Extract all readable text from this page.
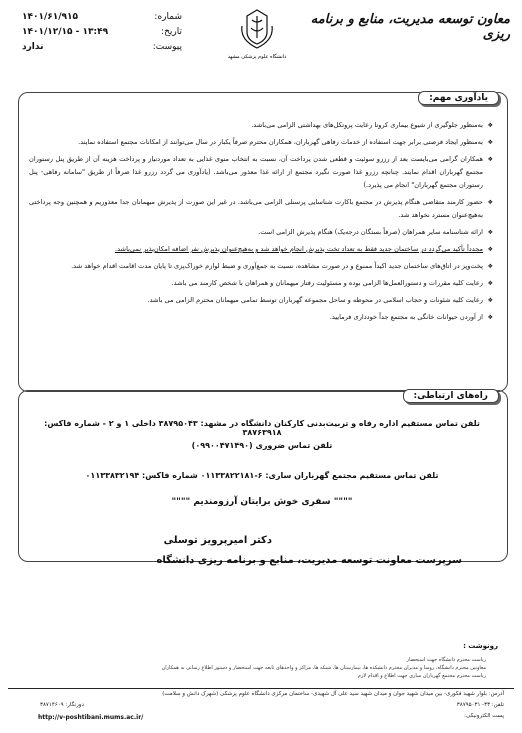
معاون توسعه مدیریت، منابع و برنامه ریزی
دانشگاه علوم پزشکی مشهد
شماره:
۱۴۰۱/۶۱/۹۱۵
تاریخ:
۱۴۰۱/۱۲/۱۵ - ۱۳:۴۹
پیوست:
ندارد
یادآوری مهم:
❖ به‌منظور جلوگیری از شیوع بیماری کرونا رعایت پروتکل‌های بهداشتی الزامی می‌باشد.
❖ به‌منظور ایجاد فرصتی برابر جهت استفاده از خدمات رفاهی گهرباران، همکاران محترم صرفاً یکبار در سال می‌توانند از امکانات مجتمع استفاده نمایند.
❖ همکاران گرامی می‌بایست بعد از رزرو سوئیت و قطعی شدن پرداخت آن، نسبت به انتخاب منوی غذایی به تعداد موردنیاز و پرداخت هزینه آن از طریق پنل رستوران مجتمع گهرباران اقدام نمایند. چنانچه رزرو غذا صورت نگیرد مجتمع از ارائه غذا معذور می‌باشد. (یادآوری می گردد رزرو غذا صرفاً از طریق "سامانه رفاهی- پنل رستوران مجتمع گهرباران" انجام می پذیرد.)
❖ حضور کارمند متقاضی هنگام پذیرش در مجتمع باکارت شناسایی پرسنلی الزامی می‌باشد. در غیر این صورت از پذیرش میهمانان جدا معذوریم و همچنین وجه پرداختی به‌هیچ‌عنوان مسترد نخواهد شد.
❖ ارائه شناسنامه سایر همراهان (صرفاً بستگان درجه‌یک) هنگام پذیرش الزامی است.
❖ مجدداً تأکید می‌گردد در ساختمان جدید فقط به تعداد تخت پذیرش انجام خواهد شد و به‌هیچ‌عنوان پذیرش نفر اضافه امکان‌پذیر نمی‌باشد.
❖ پخت‌وپز در اتاق‌های ساختمان جدید اکیداً ممنوع و در صورت مشاهده، نسبت به جمع‌آوری و ضبط لوازم خوراک‌پزی تا پایان مدت اقامت اقدام خواهد شد.
❖ رعایت کلیه مقررات و دستورالعمل‌ها الزامی بوده و مسئولیت رفتار میهمانان و همراهان با شخص کارمند می باشد.
❖ رعایت کلیه شئونات و حجاب اسلامی در محوطه و ساحل مجموعه گهرباران توسط تمامی میهمانان محترم الزامی می باشد.
❖ از آوردن حیوانات خانگی به مجتمع جداً خودداری فرمایید.
راه‌های ارتباطی:
تلفن تماس مستقیم اداره رفاه و تربیت‌بدنی کارکنان دانشگاه در مشهد: ۳۸۷۹۵۰۴۳ داخلی ۱ و ۲ - شماره فاکس: ۳۸۷۶۳۹۱۸
تلفن تماس ضروری (۰۹۹۰۰۴۷۱۴۹۰)
تلفن تماس مستقیم مجتمع گهرباران ساری: ۶-۰۱۱۳۳۸۲۲۱۸۱ شماره فاکس: ۰۱۱۳۳۸۳۲۱۹۴
"""" سفری خوش برایتان آرزومندیم """"
دکتر امیرپرویز توسلی
سرپرست معاونت توسعه مدیریت، منابع و برنامه ریزی دانشگاه
رونوشت :
ریاست محترم دانشگاه جهت استحضار
معاونین محترم دانشگاه، روسا و مدیران محترم دانشکده ها، بیمارستان ها، شبکه ها، مراکز و واحدهای تابعه جهت استحضار و دستور اطلاع رسانی به همکاران
ریاست محترم مجتمع گهرباران ساری جهت اطلاع و اقدام لازم
آدرس: بلوار شهید فکوری- بین میدان شهید جوان و میدان شهید سید علی آل شهیدی- ساختمان مرکزی دانشگاه علوم پزشکی (شهرک دانش و سلامت)
تلفن: ۳۳- ۳۸۷۹۵۰۳۱
دورنگار: ۳۸۷۱۴۶۰۹
پست الکترونیکی:
http://v-poshtibani.mums.ac.ir/
